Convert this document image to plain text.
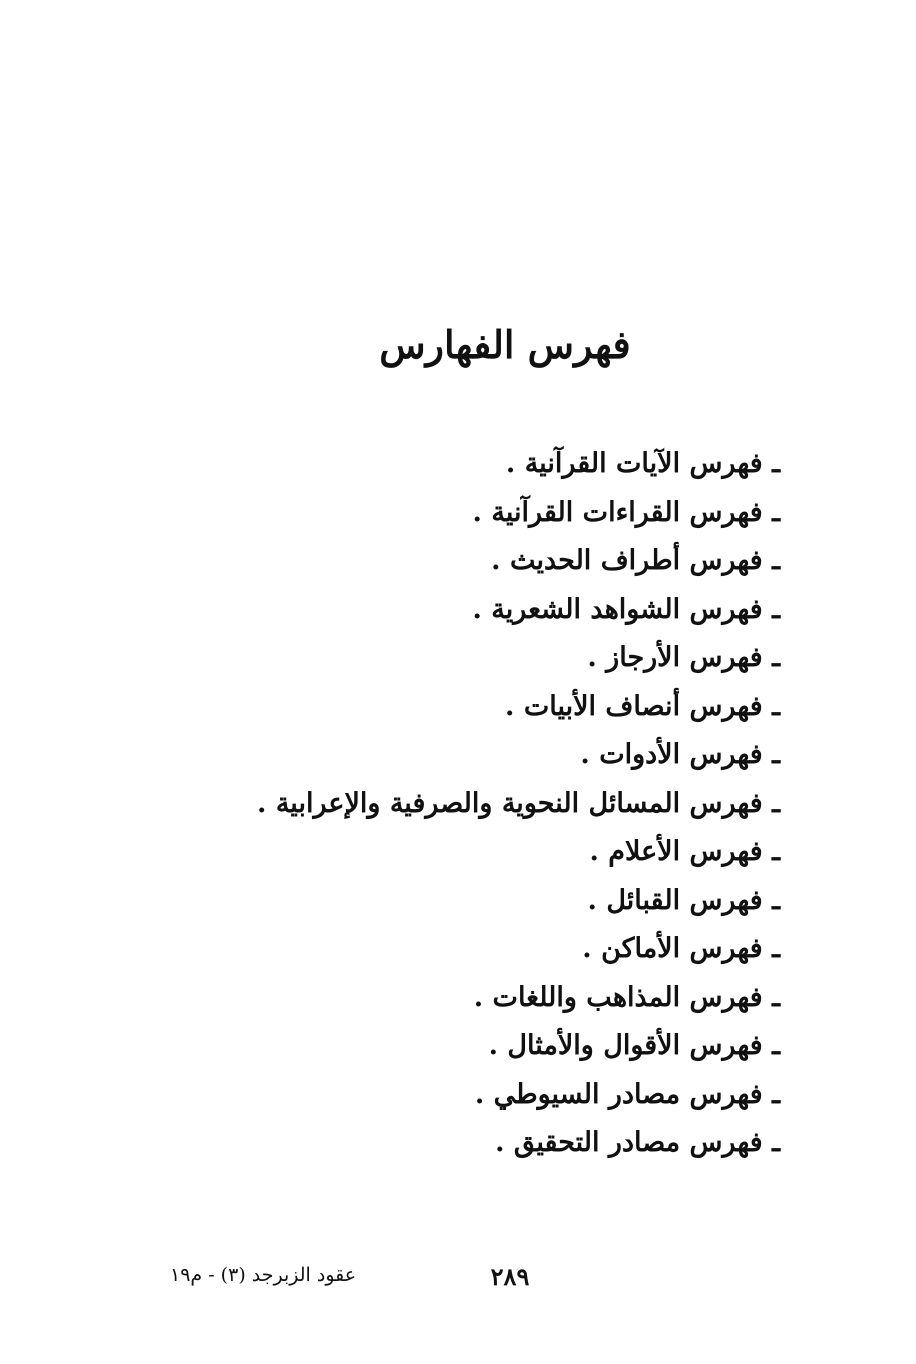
فهرس الفهارس
ـ فهرس الآيات القرآنية .
ـ فهرس القراءات القرآنية .
ـ فهرس أطراف الحديث .
ـ فهرس الشواهد الشعرية .
ـ فهرس الأرجاز .
ـ فهرس أنصاف الأبيات .
ـ فهرس الأدوات .
ـ فهرس المسائل النحوية والصرفية والإعرابية .
ـ فهرس الأعلام .
ـ فهرس القبائل .
ـ فهرس الأماكن .
ـ فهرس المذاهب واللغات .
ـ فهرس الأقوال والأمثال .
ـ فهرس مصادر السيوطي .
ـ فهرس مصادر التحقيق .
٢٨٩
عقود الزبرجد (٣) - م١٩
